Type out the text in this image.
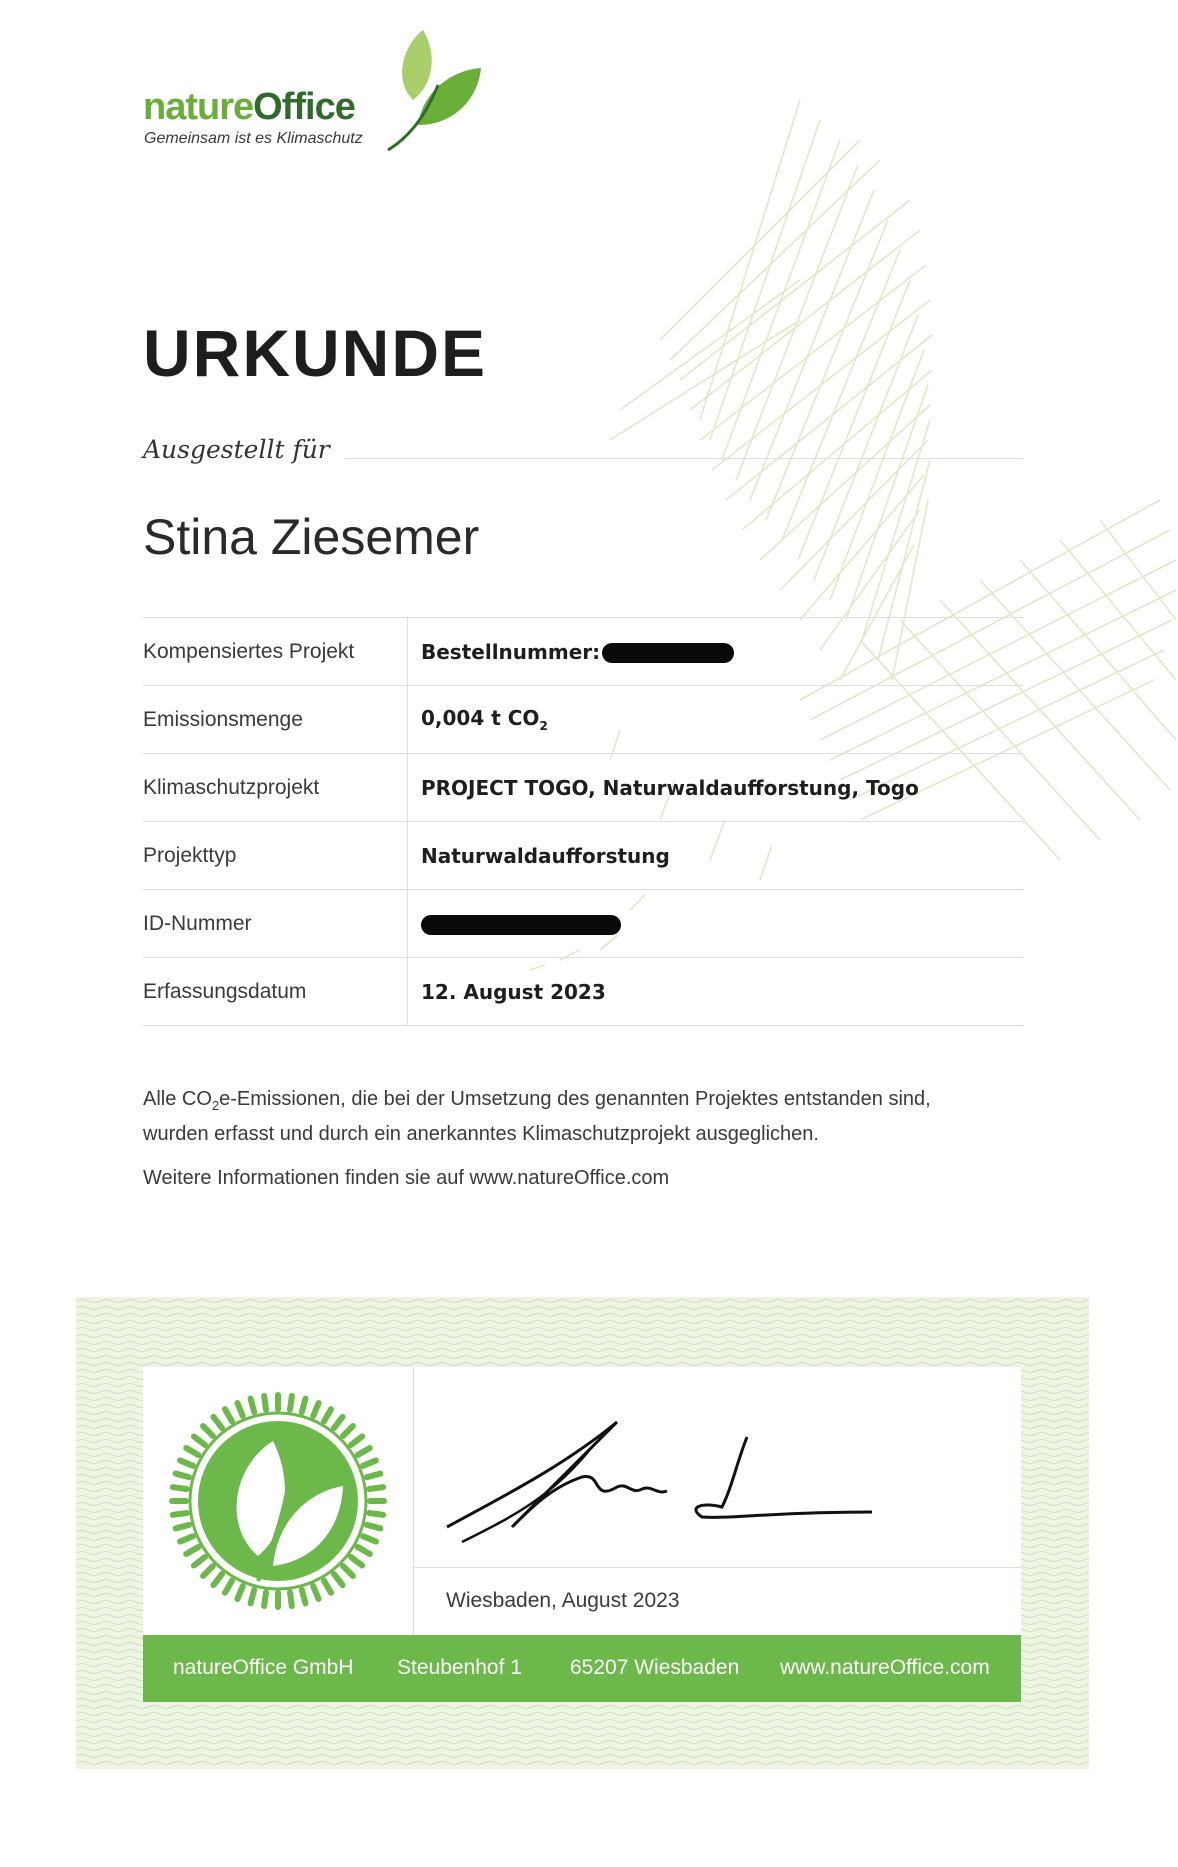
natureOffice
Gemeinsam ist es Klimaschutz
URKUNDE
Ausgestellt für
Stina Ziesemer
Kompensiertes Projekt	Bestellnummer:
Emissionsmenge	0,004 t $CO_2$
Klimaschutzprojekt	PROJECT TOGO, Naturwaldaufforstung, Togo
Projekttyp	Naturwaldaufforstung
ID-Nummer	
Erfassungsdatum	12. August 2023

Alle $CO_2e$-Emissionen, die bei der Umsetzung des genannten Projektes entstanden sind, wurden erfasst und durch ein anerkanntes Klimaschutzprojekt ausgeglichen.

Weitere Informationen finden sie auf www.natureOffice.com

Wiesbaden, August 2023
natureOffice GmbH Steubenhof 1 65207 Wiesbaden www.natureOffice.com
